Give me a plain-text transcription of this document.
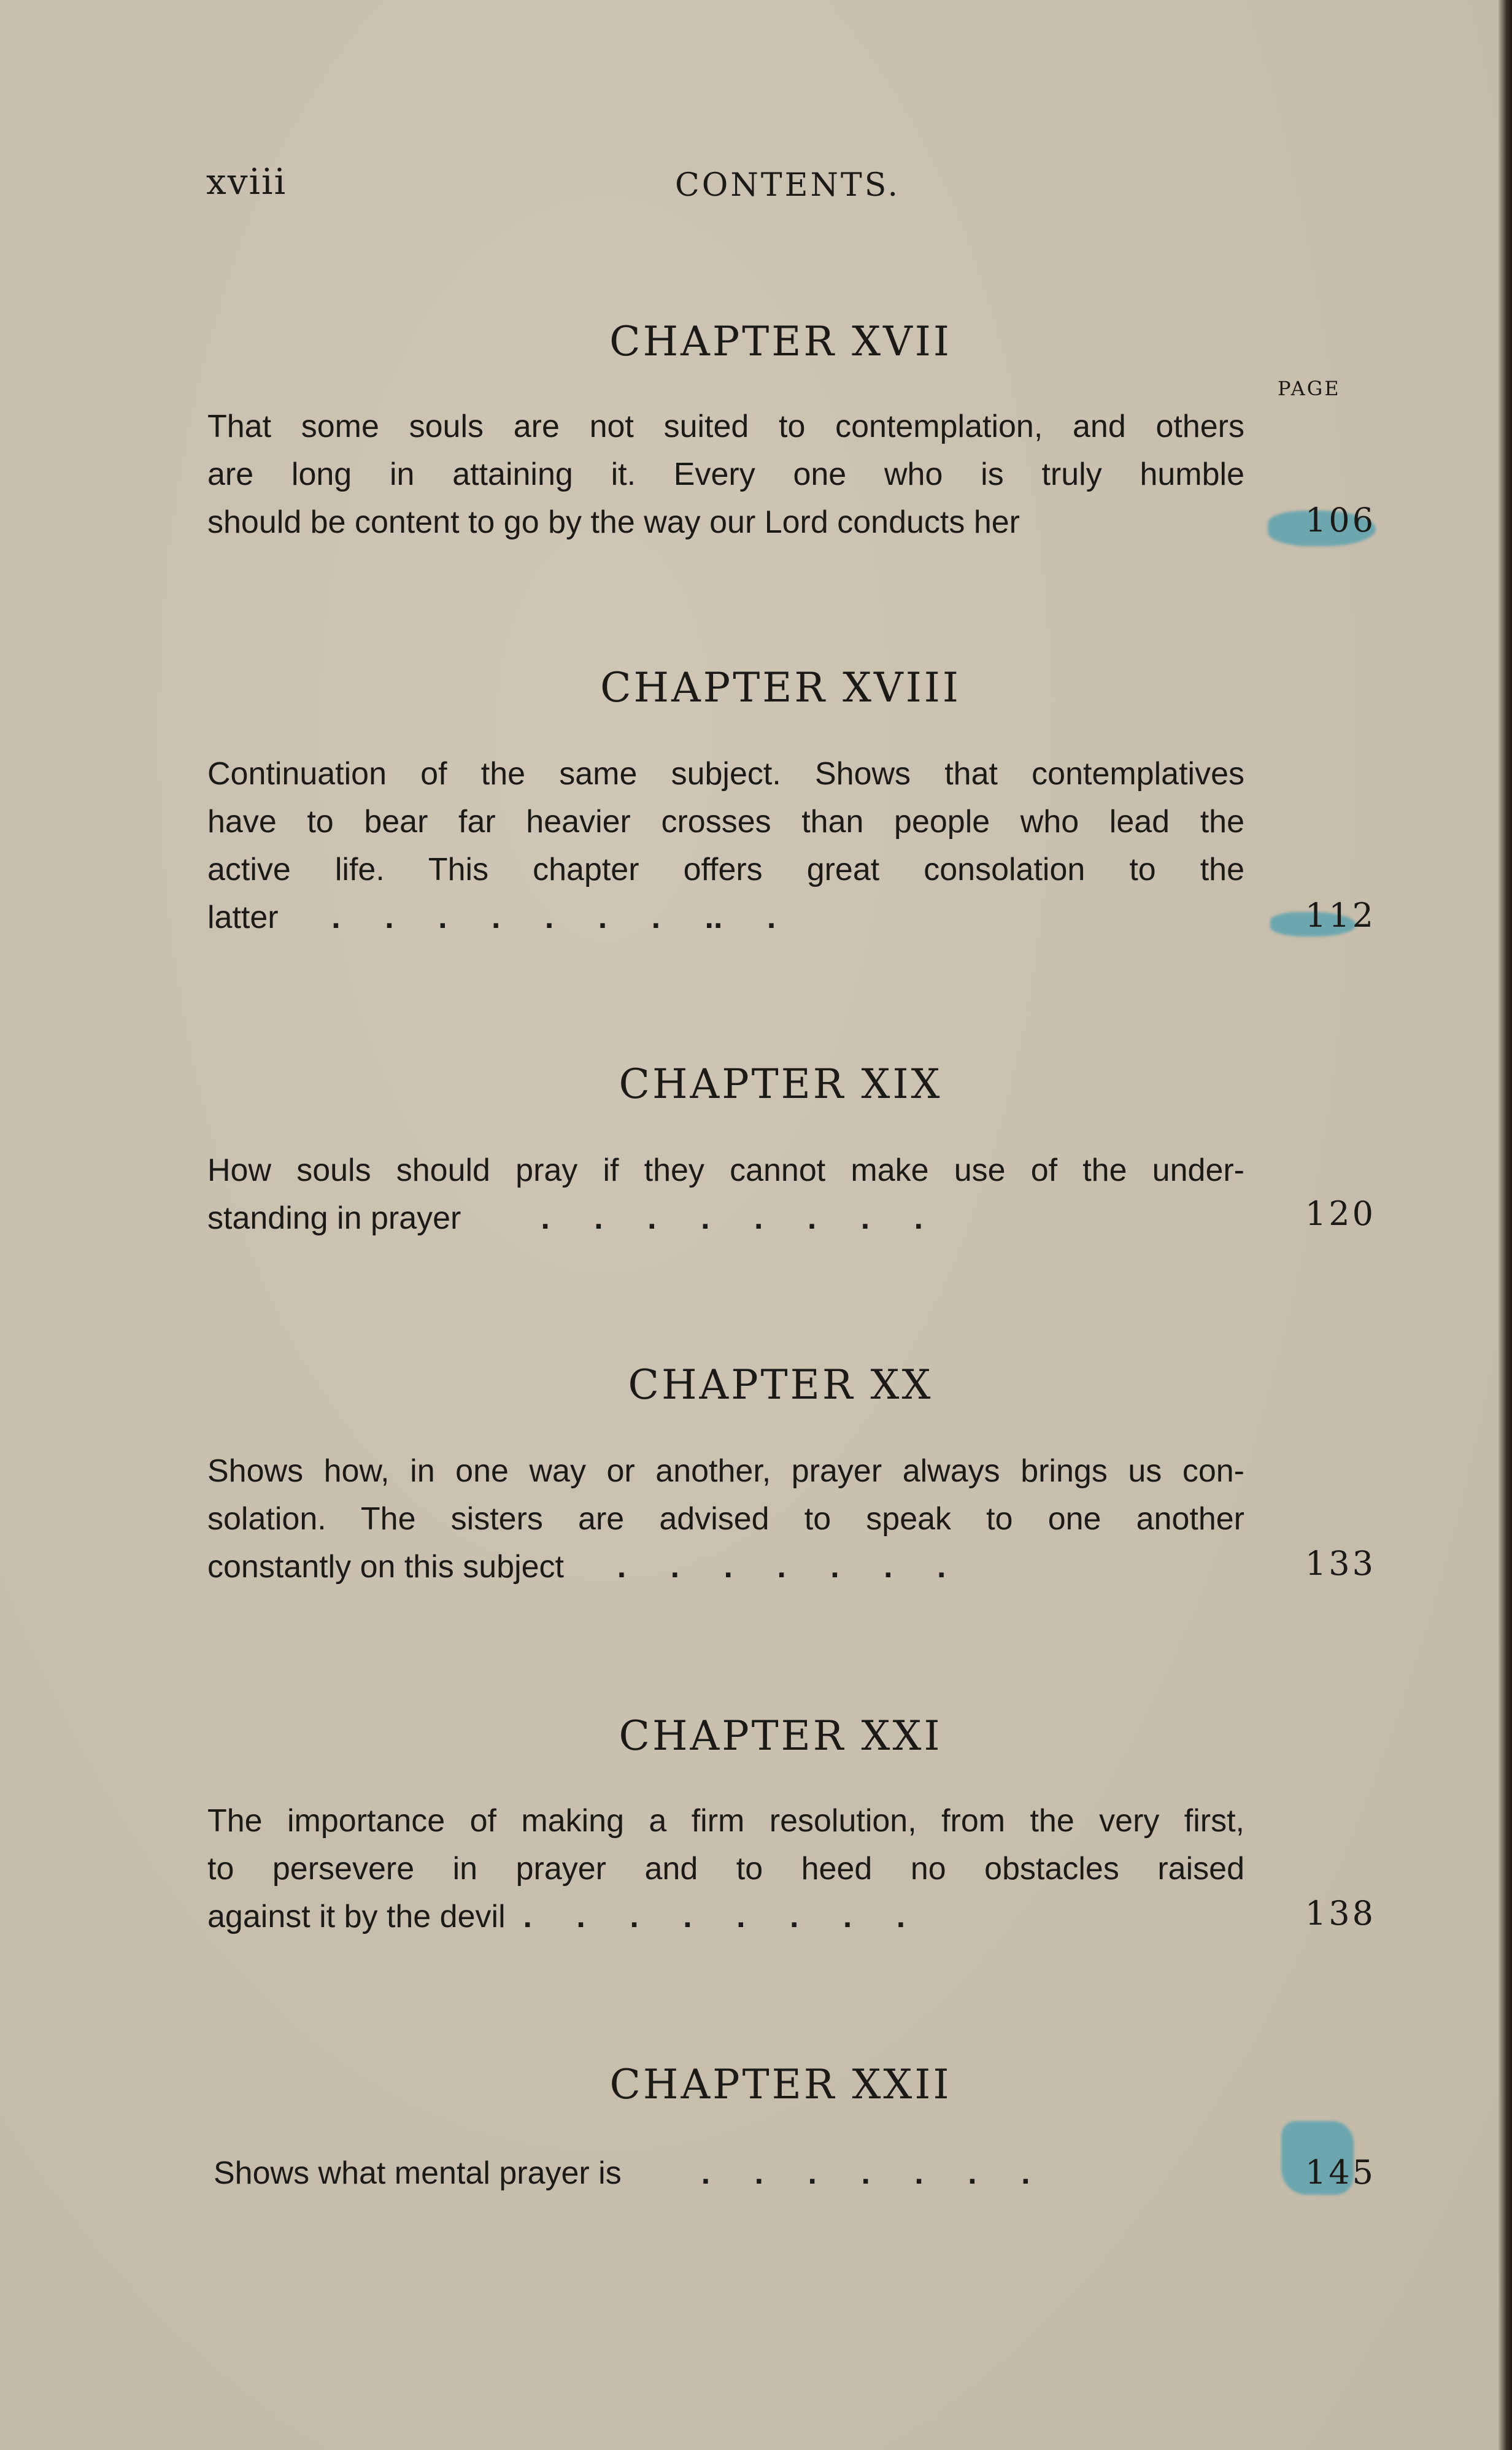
xviii	CONTENTS.
PAGE
CHAPTER XVII
That some souls are not suited to contemplation, and others
are long in attaining it. Every one who is truly humble
should be content to go by the way our Lord conducts her	106
CHAPTER XVIII
Continuation of the same subject. Shows that contemplatives
have to bear far heavier crosses than people who lead the
active life. This chapter offers great consolation to the
latter . . . . . . . .. .	112
CHAPTER XIX
How souls should pray if they cannot make use of the under-
standing in prayer	. . . . . . . .	120
CHAPTER XX
Shows how, in one way or another, prayer always brings us con-
solation. The sisters are advised to speak to one another
constantly on this subject . . . . . . .	133
CHAPTER XXI
The importance of making a firm resolution, from the very first,
to persevere in prayer and to heed no obstacles raised
against it by the devil . . . . . . . .	138
CHAPTER XXII
Shows what mental prayer is	. . . . . . .	145
